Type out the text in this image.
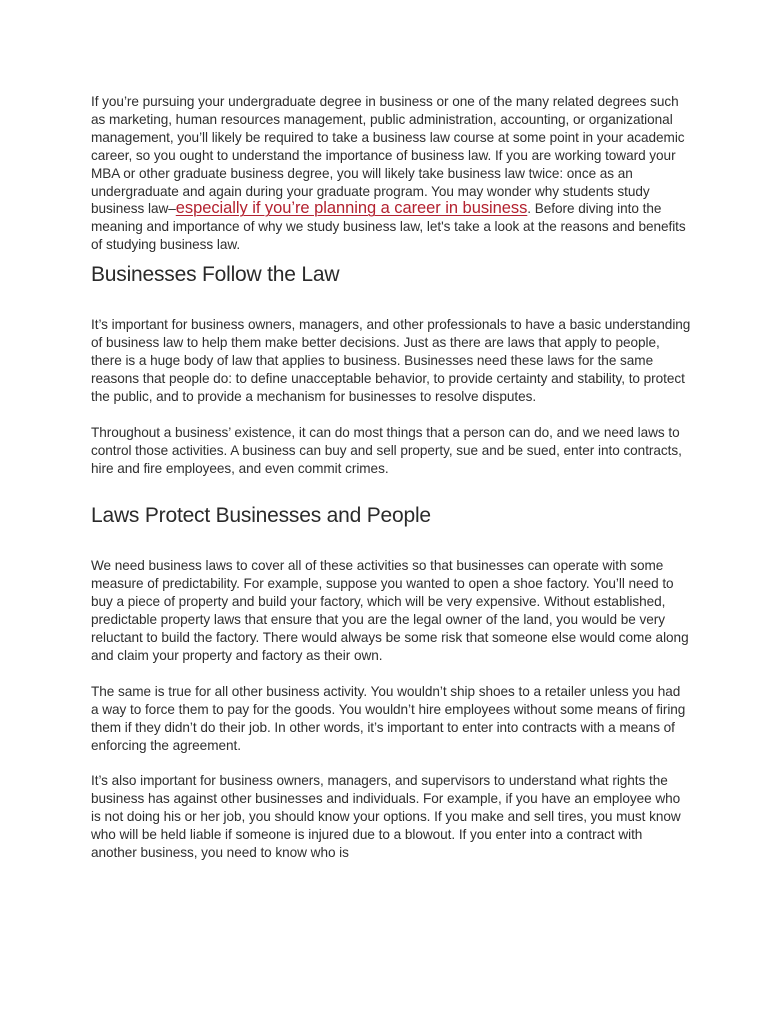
If you’re pursuing your undergraduate degree in business or one of the many related degrees such as marketing, human resources management, public administration, accounting, or organizational management, you’ll likely be required to take a business law course at some point in your academic career, so you ought to understand the importance of business law. If you are working toward your MBA or other graduate business degree, you will likely take business law twice: once as an undergraduate and again during your graduate program. You may wonder why students study business law–especially if you’re planning a career in business. Before diving into the meaning and importance of why we study business law, let's take a look at the reasons and benefits of studying business law.

Businesses Follow the Law

It’s important for business owners, managers, and other professionals to have a basic understanding of business law to help them make better decisions. Just as there are laws that apply to people, there is a huge body of law that applies to business. Businesses need these laws for the same reasons that people do: to define unacceptable behavior, to provide certainty and stability, to protect the public, and to provide a mechanism for businesses to resolve disputes.

Throughout a business’ existence, it can do most things that a person can do, and we need laws to control those activities. A business can buy and sell property, sue and be sued, enter into contracts, hire and fire employees, and even commit crimes.

Laws Protect Businesses and People

We need business laws to cover all of these activities so that businesses can operate with some measure of predictability. For example, suppose you wanted to open a shoe factory. You’ll need to buy a piece of property and build your factory, which will be very expensive. Without established, predictable property laws that ensure that you are the legal owner of the land, you would be very reluctant to build the factory. There would always be some risk that someone else would come along and claim your property and factory as their own.

The same is true for all other business activity. You wouldn’t ship shoes to a retailer unless you had a way to force them to pay for the goods. You wouldn’t hire employees without some means of firing them if they didn’t do their job. In other words, it’s important to enter into contracts with a means of enforcing the agreement.

It’s also important for business owners, managers, and supervisors to understand what rights the business has against other businesses and individuals. For example, if you have an employee who is not doing his or her job, you should know your options. If you make and sell tires, you must know who will be held liable if someone is injured due to a blowout. If you enter into a contract with another business, you need to know who is
